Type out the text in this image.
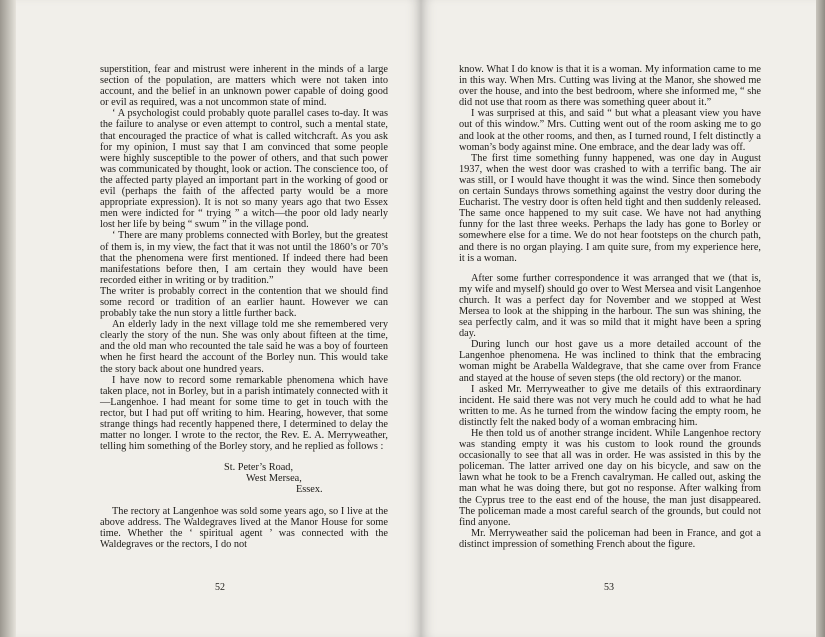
superstition, fear and mistrust were inherent in the minds of a large section of the population, are matters which were not taken into account, and the belief in an unknown power capable of doing good or evil as required, was a not uncommon state of mind.

‘ A psychologist could probably quote parallel cases to-day. It was the failure to analyse or even attempt to control, such a mental state, that encouraged the practice of what is called witchcraft. As you ask for my opinion, I must say that I am convinced that some people were highly susceptible to the power of others, and that such power was communicated by thought, look or action. The conscience too, of the affected party played an important part in the working of good or evil (perhaps the faith of the affected party would be a more appropriate expression). It is not so many years ago that two Essex men were indicted for “ trying ” a witch—the poor old lady nearly lost her life by being “ swum ” in the village pond.

‘ There are many problems connected with Borley, but the greatest of them is, in my view, the fact that it was not until the 1860’s or 70’s that the phenomena were first mentioned. If indeed there had been manifestations before then, I am certain they would have been recorded either in writing or by tradition.”

The writer is probably correct in the contention that we should find some record or tradition of an earlier haunt. However we can probably take the nun story a little further back.

An elderly lady in the next village told me she remembered very clearly the story of the nun. She was only about fifteen at the time, and the old man who recounted the tale said he was a boy of fourteen when he first heard the account of the Borley nun. This would take the story back about one hundred years.

I have now to record some remarkable phenomena which have taken place, not in Borley, but in a parish intimately connected with it—Langenhoe. I had meant for some time to get in touch with the rector, but I had put off writing to him. Hearing, however, that some strange things had recently happened there, I determined to delay the matter no longer. I wrote to the rector, the Rev. E. A. Merryweather, telling him something of the Borley story, and he replied as follows :

St. Peter’s Road,
West Mersea,
Essex.

The rectory at Langenhoe was sold some years ago, so I live at the above address. The Waldegraves lived at the Manor House for some time. Whether the ‘ spiritual agent ’ was connected with the Waldegraves or the rectors, I do not

52

know. What I do know is that it is a woman. My information came to me in this way. When Mrs. Cutting was living at the Manor, she showed me over the house, and into the best bedroom, where she informed me, “ she did not use that room as there was something queer about it.”

I was surprised at this, and said “ but what a pleasant view you have out of this window.” Mrs. Cutting went out of the room asking me to go and look at the other rooms, and then, as I turned round, I felt distinctly a woman’s body against mine. One embrace, and the dear lady was off.

The first time something funny happened, was one day in August 1937, when the west door was crashed to with a terrific bang. The air was still, or I would have thought it was the wind. Since then somebody on certain Sundays throws something against the vestry door during the Eucharist. The vestry door is often held tight and then suddenly released. The same once happened to my suit case. We have not had anything funny for the last three weeks. Perhaps the lady has gone to Borley or somewhere else for a time. We do not hear footsteps on the church path, and there is no organ playing. I am quite sure, from my experience here, it is a woman.

After some further correspondence it was arranged that we (that is, my wife and myself) should go over to West Mersea and visit Langenhoe church. It was a perfect day for November and we stopped at West Mersea to look at the shipping in the harbour. The sun was shining, the sea perfectly calm, and it was so mild that it might have been a spring day.

During lunch our host gave us a more detailed account of the Langenhoe phenomena. He was inclined to think that the embracing woman might be Arabella Waldegrave, that she came over from France and stayed at the house of seven steps (the old rectory) or the manor.

I asked Mr. Merryweather to give me details of this extraordinary incident. He said there was not very much he could add to what he had written to me. As he turned from the window facing the empty room, he distinctly felt the naked body of a woman embracing him.

He then told us of another strange incident. While Langenhoe rectory was standing empty it was his custom to look round the grounds occasionally to see that all was in order. He was assisted in this by the policeman. The latter arrived one day on his bicycle, and saw on the lawn what he took to be a French cavalryman. He called out, asking the man what he was doing there, but got no response. After walking from the Cyprus tree to the east end of the house, the man just disappeared. The policeman made a most careful search of the grounds, but could not find anyone.

Mr. Merryweather said the policeman had been in France, and got a distinct impression of something French about the figure.

53
